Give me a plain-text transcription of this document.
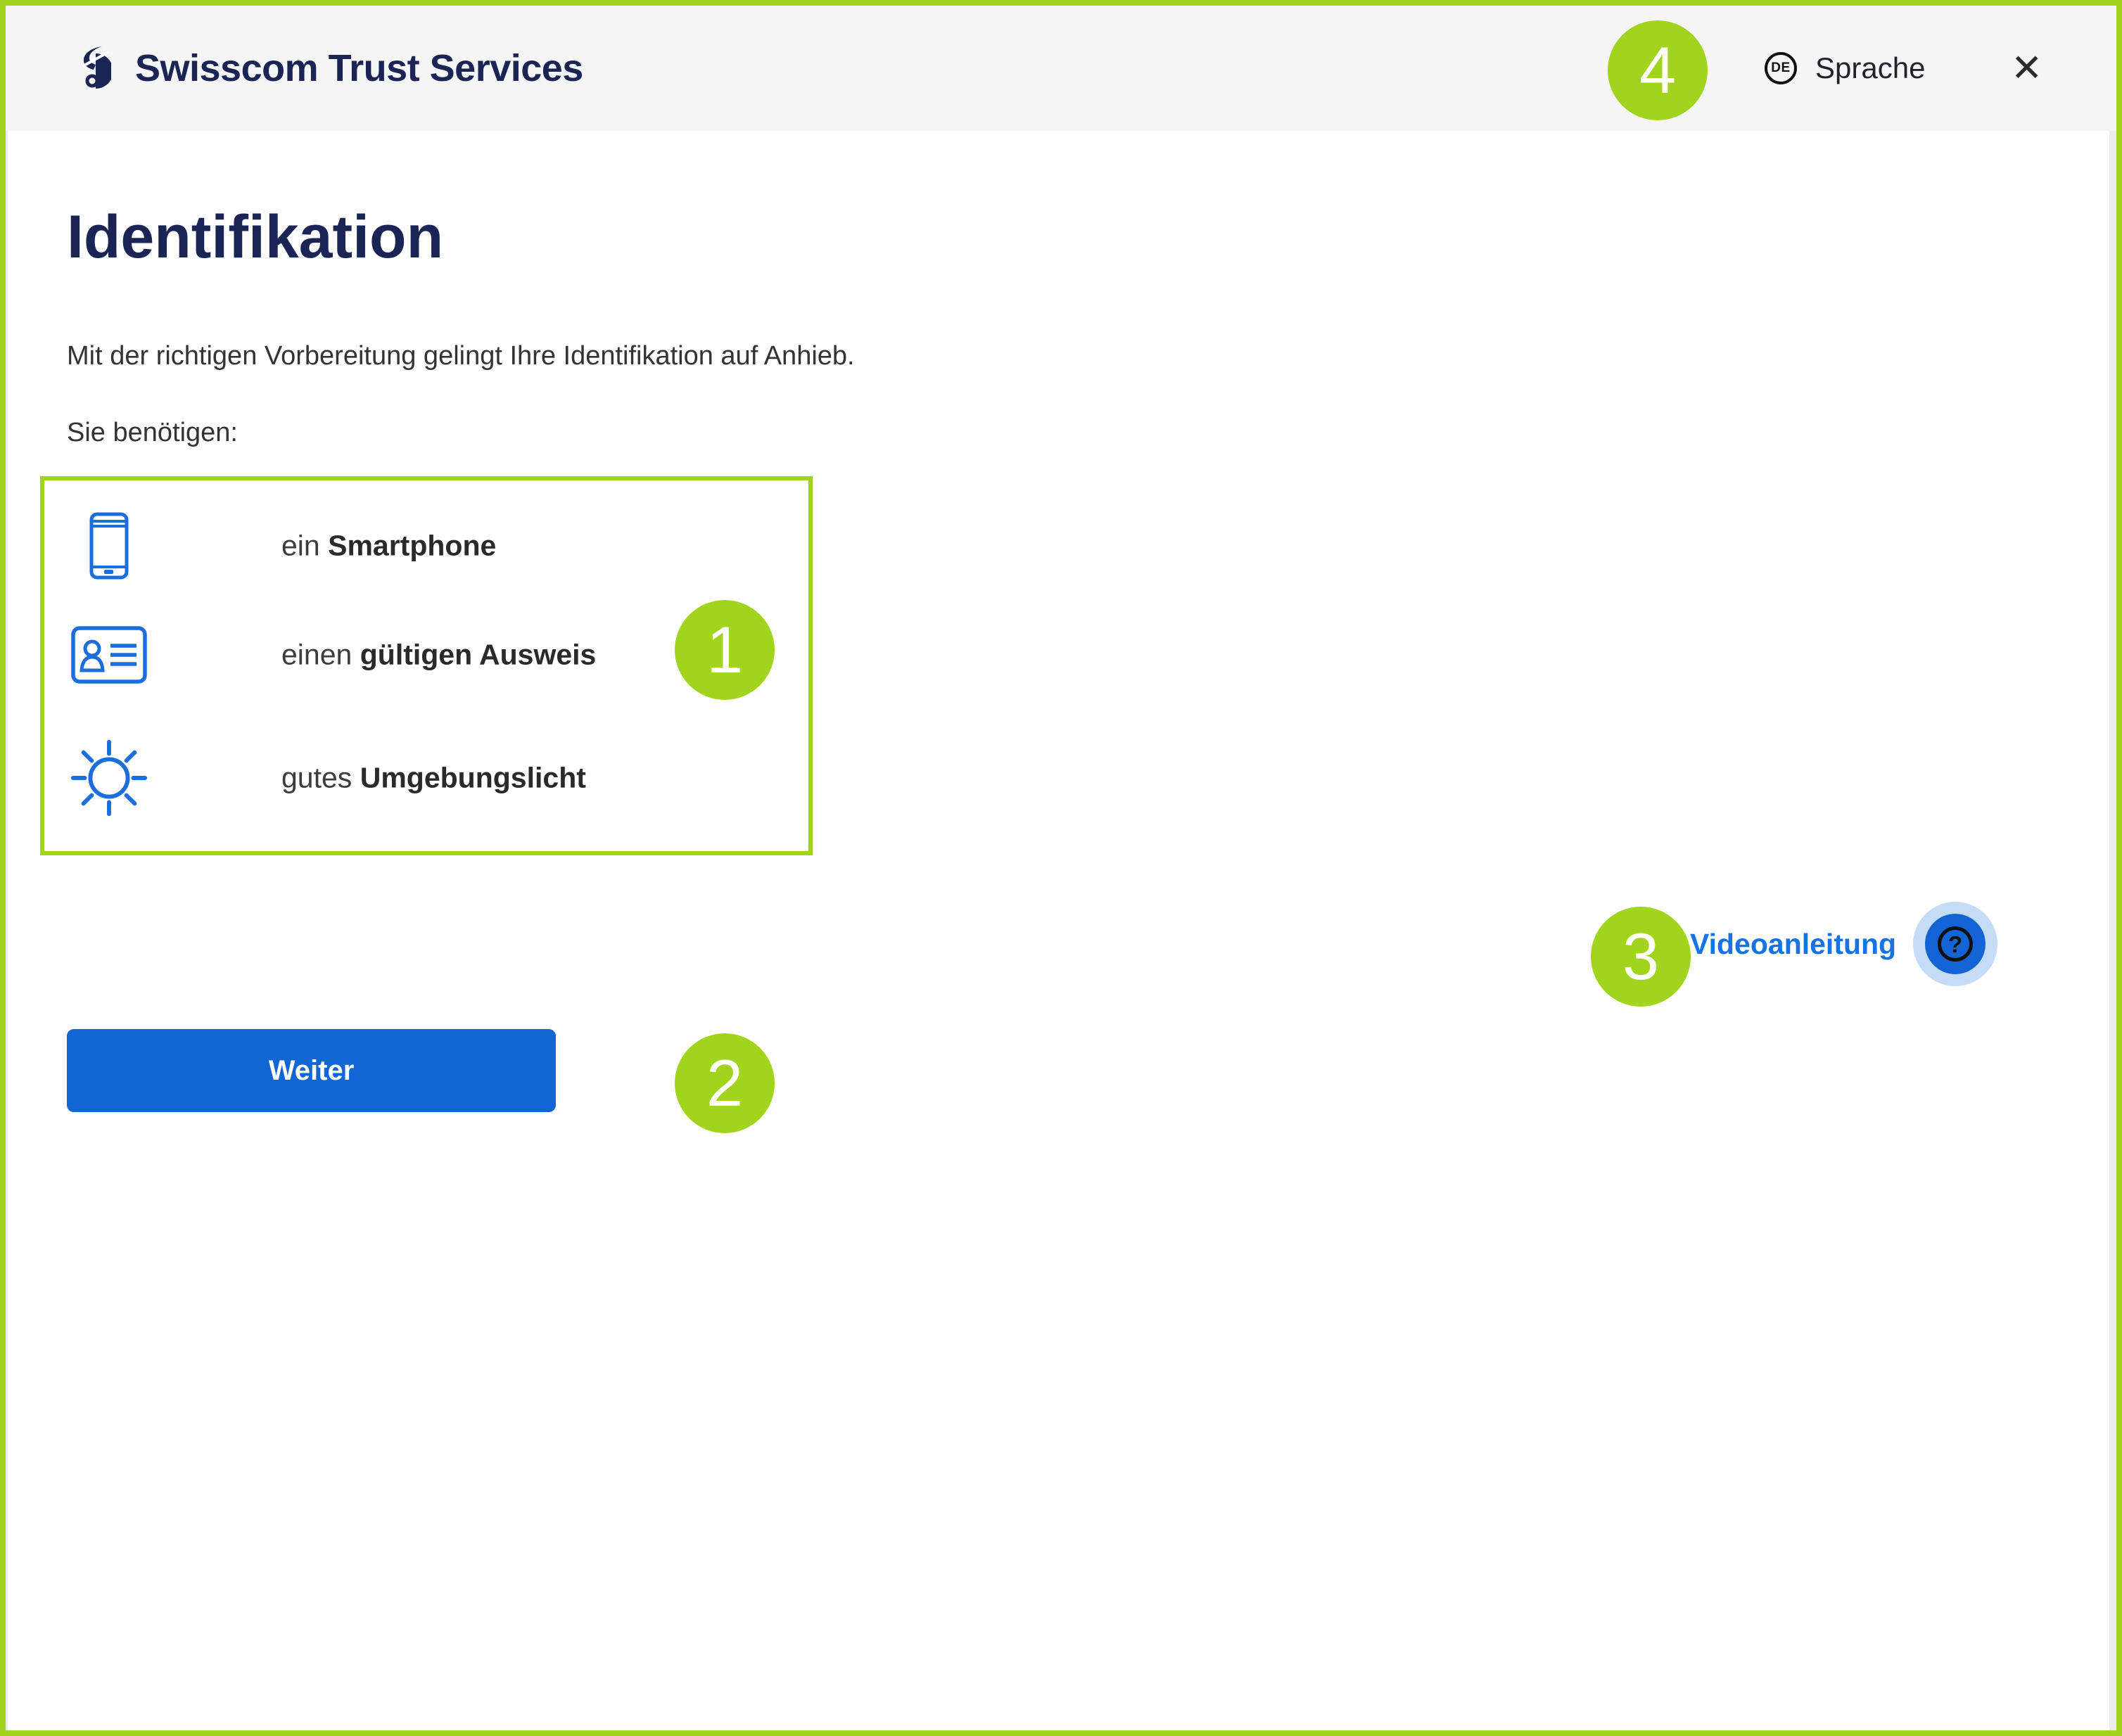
Swisscom Trust Services	DE Sprache ✕
Identifikation

Mit der richtigen Vorbereitung gelingt Ihre Identifikation auf Anhieb.

Sie benötigen:

ein Smartphone
einen gültigen Ausweis
gutes Umgebungslicht
Videoanleitung	?
Weiter
1
2
3
4
